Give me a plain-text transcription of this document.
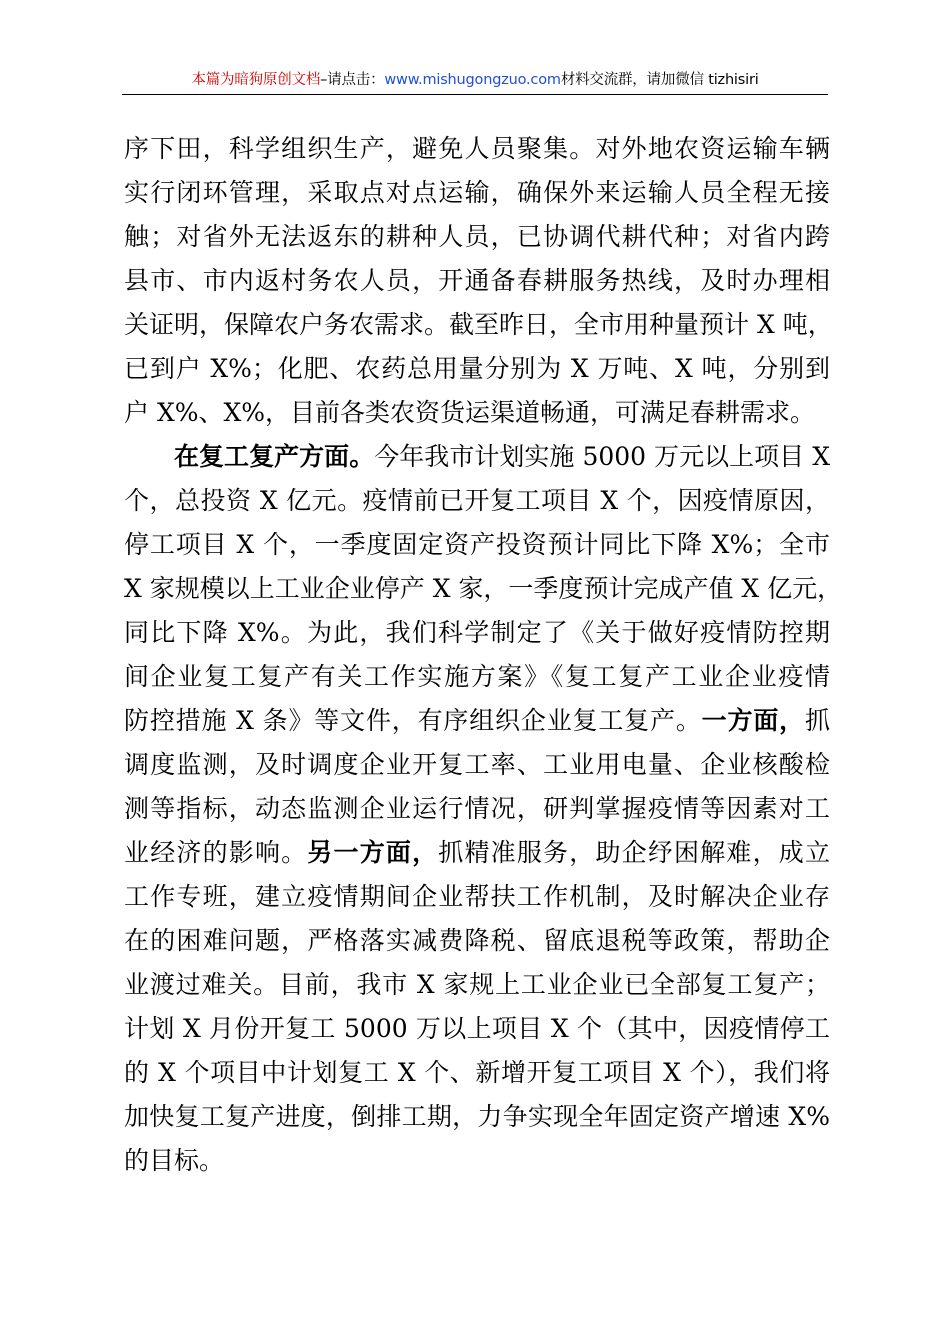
本篇为暗狗原创文档–请点击：www.mishugongzuo.com材料交流群，请加微信 tizhisiri
序下田，科学组织生产，避免人员聚集。对外地农资运输车辆
实行闭环管理，采取点对点运输，确保外来运输人员全程无接
触；对省外无法返东的耕种人员，已协调代耕代种；对省内跨
县市、市内返村务农人员，开通备春耕服务热线，及时办理相
关证明，保障农户务农需求。截至昨日，全市用种量预计 X 吨，
已到户 X%；化肥、农药总用量分别为 X 万吨、X 吨，分别到
户 X%、X%，目前各类农资货运渠道畅通，可满足春耕需求。
在复工复产方面。今年我市计划实施 5000 万元以上项目 X
个，总投资 X 亿元。疫情前已开复工项目 X 个，因疫情原因，
停工项目 X 个，一季度固定资产投资预计同比下降 X%；全市
X 家规模以上工业企业停产 X 家，一季度预计完成产值 X 亿元，
同比下降 X%。为此，我们科学制定了《关于做好疫情防控期
间企业复工复产有关工作实施方案》《复工复产工业企业疫情
防控措施 X 条》等文件，有序组织企业复工复产。一方面，抓
调度监测，及时调度企业开复工率、工业用电量、企业核酸检
测等指标，动态监测企业运行情况，研判掌握疫情等因素对工
业经济的影响。另一方面，抓精准服务，助企纾困解难，成立
工作专班，建立疫情期间企业帮扶工作机制，及时解决企业存
在的困难问题，严格落实减费降税、留底退税等政策，帮助企
业渡过难关。目前，我市 X 家规上工业企业已全部复工复产；
计划 X 月份开复工 5000 万以上项目 X 个（其中，因疫情停工
的 X 个项目中计划复工 X 个、新增开复工项目 X 个），我们将
加快复工复产进度，倒排工期，力争实现全年固定资产增速 X%
的目标。
